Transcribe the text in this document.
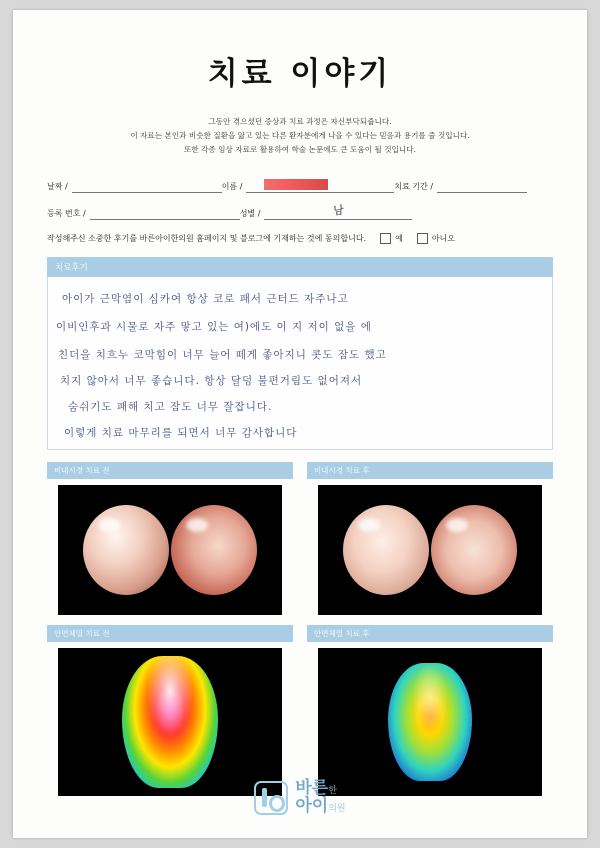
치료 이야기
그동안 겪으셨던 증상과 치료 과정은 자신부닥되줍니다.
이 자료는 본인과 비슷한 질환을 앓고 있는 다른 환자분에게 나을 수 있다는 믿음과 용기를 줄 것입니다.
또한 각종 임상 자료로 활용하여 학술 논문에도 큰 도움이 될 것입니다.
날짜 /	이름 /	치료 기간 /
등록 번호 /	성별 /	남
작성해주신 소중한 후기를 바른아이한의원 홈페이지 및 블로그에 기재하는 것에 동의합니다.	예	아니오
치료후기
아이가 근막염이 심카여 항상 코로 패서 근터드 자주나고
이비인후과 시물로 자주 맣고 있는 여)에도 이 지 저이 없을 에
친더을 치흐누 코막힘이 너무 늘어 떼게 좋아지니 콧도 잠도 했고
치지 않아서 너무 좋습니다. 항상 달덩 불편거림도 없어져서
숨쉬기도 패해 치고 잠도 너무 잘잡니다.
이렇게 치료 마무리를 되면서 너무 감사합니다
비내시경 치료 전	비내시경 치료 후
안면체열 치료 전	안면체열 치료 후
바른한
아이의원
